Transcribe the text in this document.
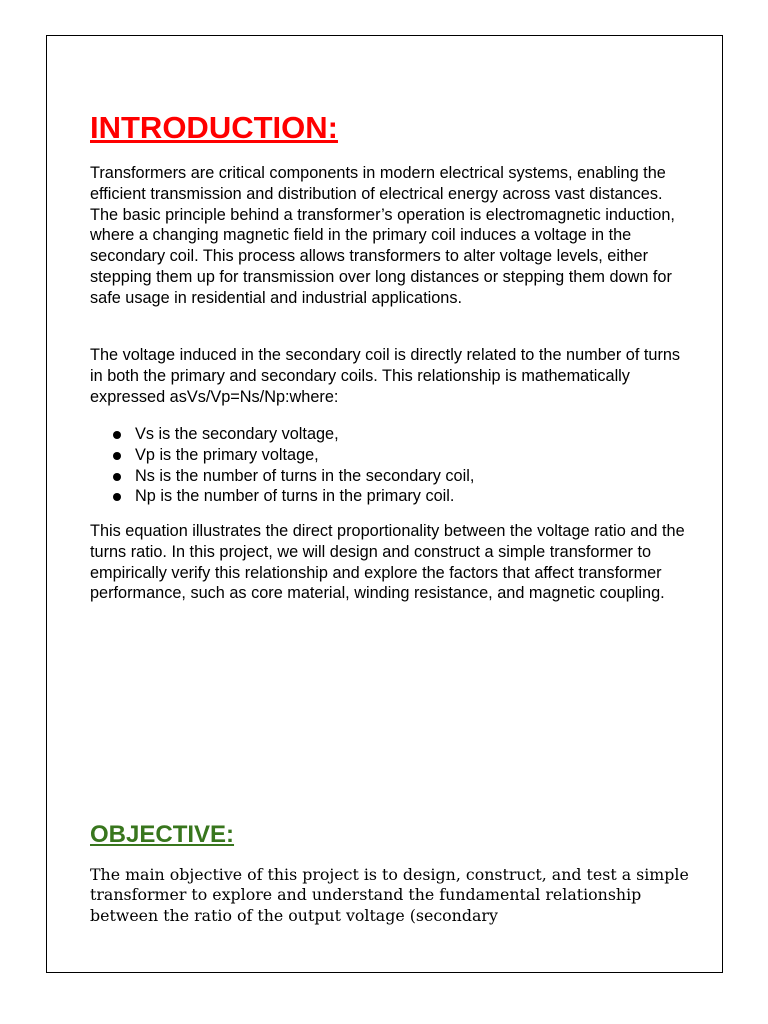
INTRODUCTION:

Transformers are critical components in modern electrical systems, enabling the efficient transmission and distribution of electrical energy across vast distances. The basic principle behind a transformer’s operation is electromagnetic induction, where a changing magnetic field in the primary coil induces a voltage in the secondary coil. This process allows transformers to alter voltage levels, either stepping them up for transmission over long distances or stepping them down for safe usage in residential and industrial applications.

The voltage induced in the secondary coil is directly related to the number of turns in both the primary and secondary coils. This relationship is mathematically expressed asVs/Vp=Ns/Np:where:

Vs is the secondary voltage,
Vp is the primary voltage,
Ns is the number of turns in the secondary coil,
Np is the number of turns in the primary coil.

This equation illustrates the direct proportionality between the voltage ratio and the turns ratio. In this project, we will design and construct a simple transformer to empirically verify this relationship and explore the factors that affect transformer performance, such as core material, winding resistance, and magnetic coupling.

OBJECTIVE:

The main objective of this project is to design, construct, and test a simple transformer to explore and understand the fundamental relationship between the ratio of the output voltage (secondary
